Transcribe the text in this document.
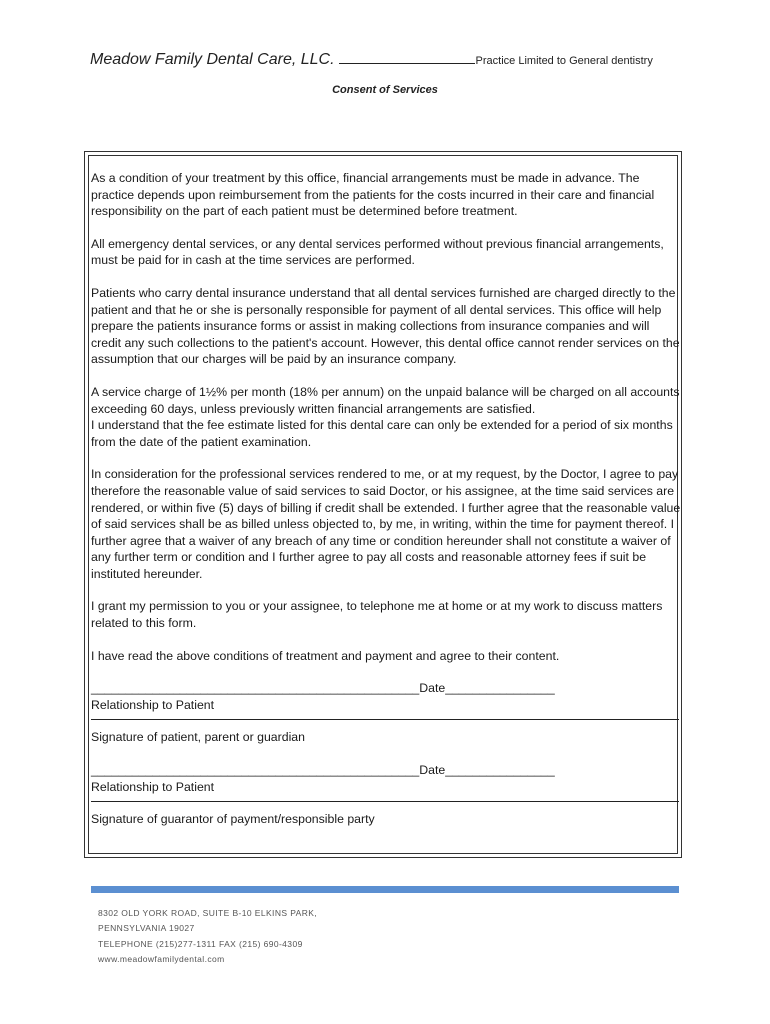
Meadow Family Dental Care, LLC.	Practice Limited to General dentistry
Consent of Services

As a condition of your treatment by this office, financial arrangements must be made in advance. The practice depends upon reimbursement from the patients for the costs incurred in their care and financial responsibility on the part of each patient must be determined before treatment.

All emergency dental services, or any dental services performed without previous financial arrangements, must be paid for in cash at the time services are performed.

Patients who carry dental insurance understand that all dental services furnished are charged directly to the patient and that he or she is personally responsible for payment of all dental services. This office will help prepare the patients insurance forms or assist in making collections from insurance companies and will credit any such collections to the patient's account. However, this dental office cannot render services on the assumption that our charges will be paid by an insurance company.

A service charge of 1½% per month (18% per annum) on the unpaid balance will be charged on all accounts exceeding 60 days, unless previously written financial arrangements are satisfied.

I understand that the fee estimate listed for this dental care can only be extended for a period of six months from the date of the patient examination.

In consideration for the professional services rendered to me, or at my request, by the Doctor, I agree to pay therefore the reasonable value of said services to said Doctor, or his assignee, at the time said services are rendered, or within five (5) days of billing if credit shall be extended. I further agree that the reasonable value of said services shall be as billed unless objected to, by me, in writing, within the time for payment thereof. I further agree that a waiver of any breach of any time or condition hereunder shall not constitute a waiver of any further term or condition and I further agree to pay all costs and reasonable attorney fees if suit be instituted hereunder.

I grant my permission to you or your assignee, to telephone me at home or at my work to discuss matters related to this form.

I have read the above conditions of treatment and payment and agree to their content.

________________________________________________Date________________
Relationship to Patient
Signature of patient, parent or guardian
________________________________________________Date________________
Relationship to Patient
Signature of guarantor of payment/responsible party
8302 OLD YORK ROAD, SUITE B-10 ELKINS PARK,
PENNSYLVANIA 19027
TELEPHONE (215)277-1311 FAX (215) 690-4309
www.meadowfamilydental.com
